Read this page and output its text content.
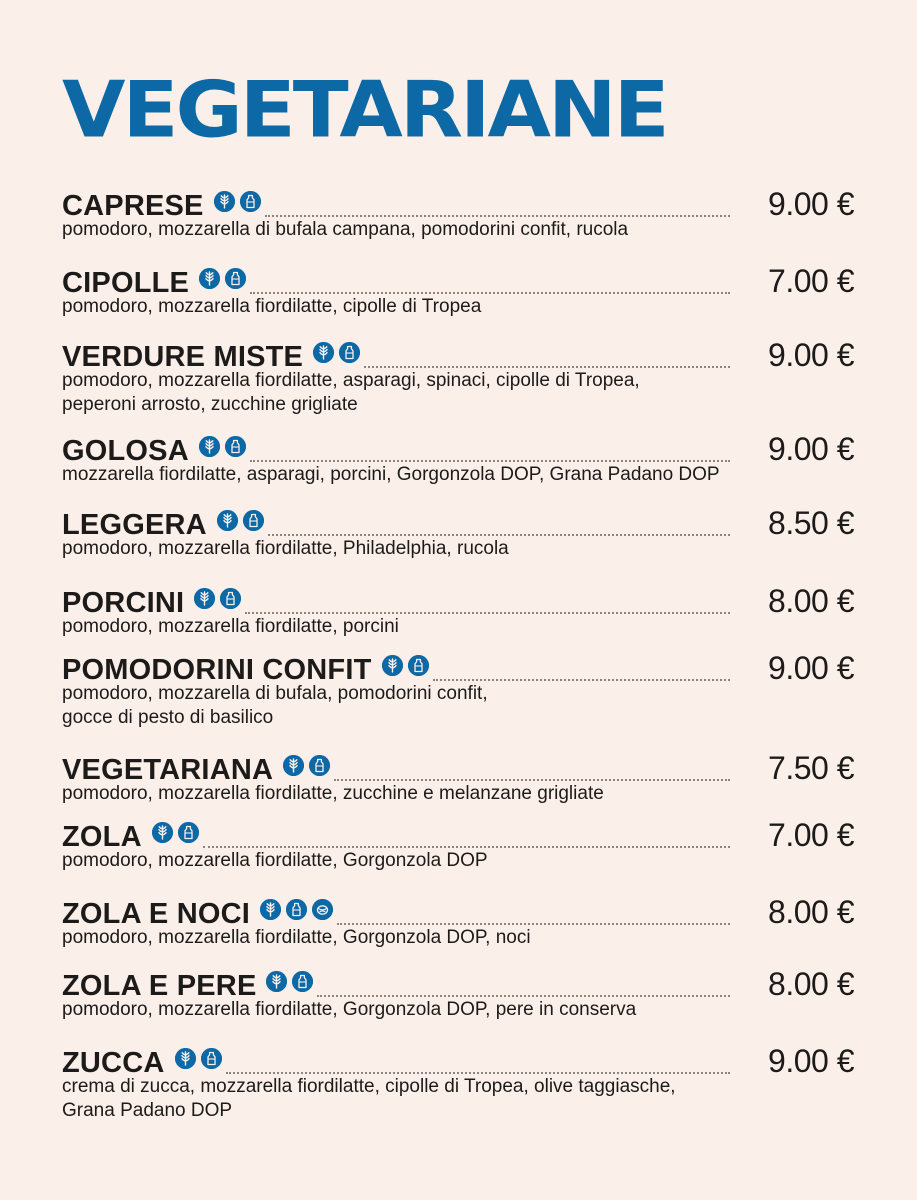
VEGETARIANE
CAPRESE	9.00 €
pomodoro, mozzarella di bufala campana, pomodorini confit, rucola
CIPOLLE	7.00 €
pomodoro, mozzarella fiordilatte, cipolle di Tropea
VERDURE MISTE	9.00 €
pomodoro, mozzarella fiordilatte, asparagi, spinaci, cipolle di Tropea,
peperoni arrosto, zucchine grigliate
GOLOSA	9.00 €
mozzarella fiordilatte, asparagi, porcini, Gorgonzola DOP, Grana Padano DOP
LEGGERA	8.50 €
pomodoro, mozzarella fiordilatte, Philadelphia, rucola
PORCINI	8.00 €
pomodoro, mozzarella fiordilatte, porcini
POMODORINI CONFIT	9.00 €
pomodoro, mozzarella di bufala, pomodorini confit,
gocce di pesto di basilico
VEGETARIANA	7.50 €
pomodoro, mozzarella fiordilatte, zucchine e melanzane grigliate
ZOLA	7.00 €
pomodoro, mozzarella fiordilatte, Gorgonzola DOP
ZOLA E NOCI	8.00 €
pomodoro, mozzarella fiordilatte, Gorgonzola DOP, noci
ZOLA E PERE	8.00 €
pomodoro, mozzarella fiordilatte, Gorgonzola DOP, pere in conserva
ZUCCA	9.00 €
crema di zucca, mozzarella fiordilatte, cipolle di Tropea, olive taggiasche,
Grana Padano DOP
